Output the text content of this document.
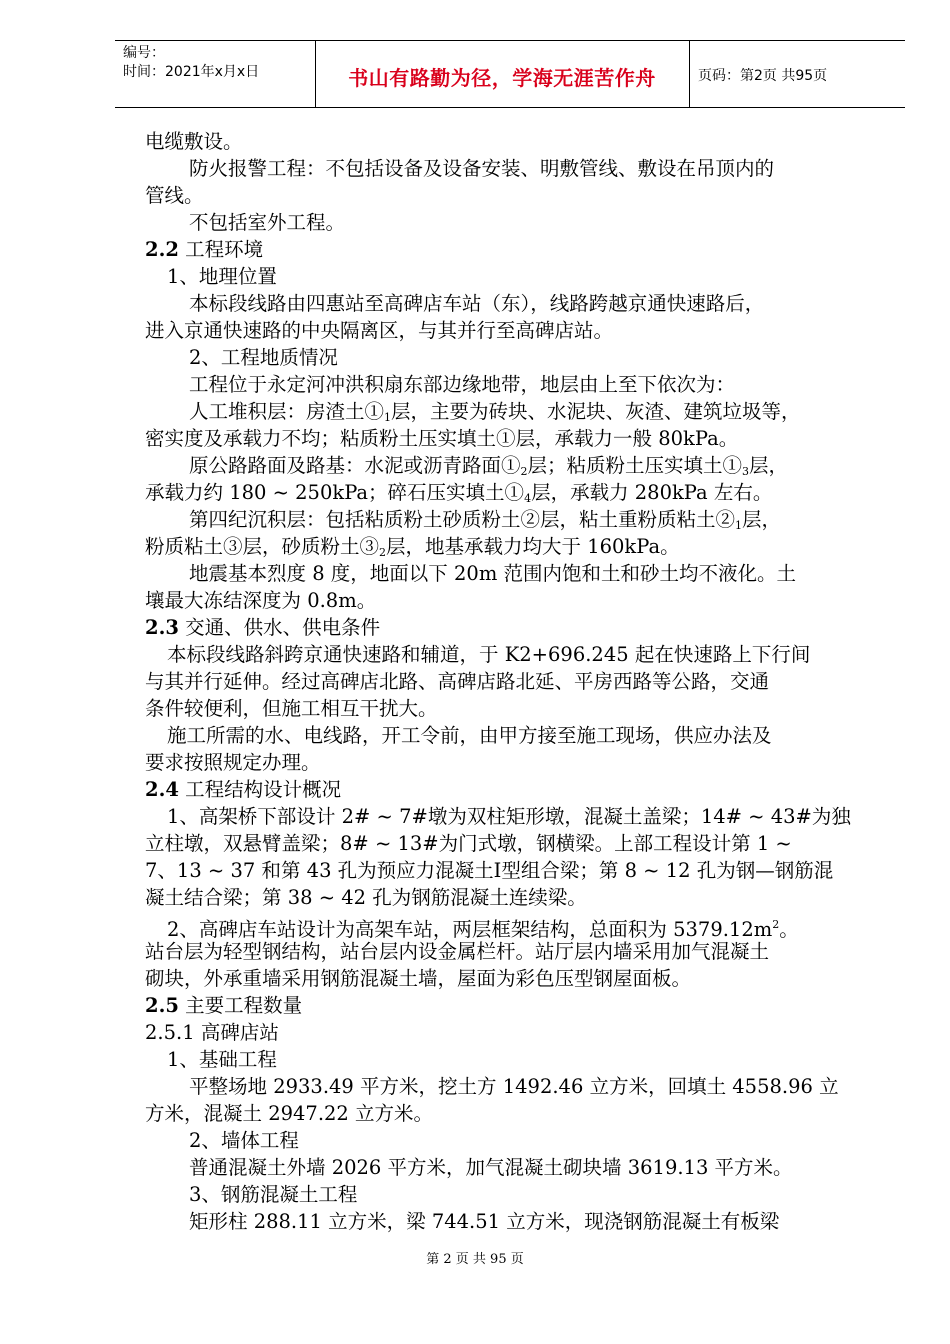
编号：
时间：2021年x月x日	书山有路勤为径，学海无涯苦作舟	页码：第2页 共95页
电缆敷设。
防火报警工程：不包括设备及设备安装、明敷管线、敷设在吊顶内的
管线。
不包括室外工程。
2.2 工程环境
1、地理位置
本标段线路由四惠站至高碑店车站（东），线路跨越京通快速路后，
进入京通快速路的中央隔离区，与其并行至高碑店站。
2、工程地质情况
工程位于永定河冲洪积扇东部边缘地带，地层由上至下依次为：
人工堆积层：房渣土$①_1$层，主要为砖块、水泥块、灰渣、建筑垃圾等，
密实度及承载力不均；粘质粉土压实填土①层，承载力一般 80kPa。
原公路路面及路基：水泥或沥青路面$①_2$层；粘质粉土压实填土$①_3$层，
承载力约 180 ~ 250kPa；碎石压实填土$①_4$层，承载力 280kPa 左右。
第四纪沉积层：包括粘质粉土砂质粉土②层，粘土重粉质粘土$②_1$层，
粉质粘土③层，砂质粉土$③_2$层，地基承载力均大于 160kPa。
地震基本烈度 8 度，地面以下 20m 范围内饱和土和砂土均不液化。土
壤最大冻结深度为 0.8m。
2.3 交通、供水、供电条件
本标段线路斜跨京通快速路和辅道，于 K2+696.245 起在快速路上下行间
与其并行延伸。经过高碑店北路、高碑店路北延、平房西路等公路，交通
条件较便利，但施工相互干扰大。
施工所需的水、电线路，开工令前，由甲方接至施工现场，供应办法及
要求按照规定办理。
2.4 工程结构设计概况
1、高架桥下部设计 2# ~ 7#墩为双柱矩形墩，混凝土盖梁；14# ~ 43#为独
立柱墩，双悬臂盖梁；8# ~ 13#为门式墩，钢横梁。上部工程设计第 1 ~
7、13 ~ 37 和第 43 孔为预应力混凝土I型组合梁；第 8 ~ 12 孔为钢—钢筋混
凝土结合梁；第 38 ~ 42 孔为钢筋混凝土连续梁。
2、高碑店车站设计为高架车站，两层框架结构，总面积为 $5379.12m^2$。
站台层为轻型钢结构，站台层内设金属栏杆。站厅层内墙采用加气混凝土
砌块，外承重墙采用钢筋混凝土墙，屋面为彩色压型钢屋面板。
2.5 主要工程数量
2.5.1 高碑店站
1、基础工程
平整场地 2933.49 平方米，挖土方 1492.46 立方米，回填土 4558.96 立
方米，混凝土 2947.22 立方米。
2、墙体工程
普通混凝土外墙 2026 平方米，加气混凝土砌块墙 3619.13 平方米。
3、钢筋混凝土工程
矩形柱 288.11 立方米，梁 744.51 立方米，现浇钢筋混凝土有板梁
第 2 页 共 95 页
